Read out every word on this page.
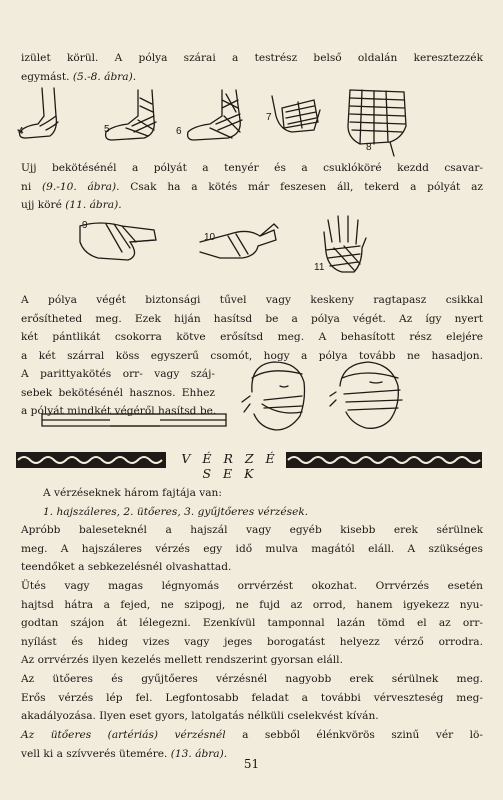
izület körül. A pólya szárai a testrész belső oldalán keresztezzék
egymást. (5.-8. ábra).

4	5	6
7
8

Ujj bekötésénél a pólyát a tenyér és a csuklóköré kezdd csavar-
ni (9.-10. ábra). Csak ha a kötés már feszesen áll, tekerd a pólyát az
ujj köré (11. ábra).

9
10
11

A pólya végét biztonsági tűvel vagy keskeny ragtapasz csikkal
erősítheted meg. Ezek hiján hasítsd be a pólya végét. Az így nyert
két pántlikát csokorra kötve erősítsd meg. A behasított rész elejére
a két szárral köss egyszerű csomót, hogy a pólya tovább ne hasadjon.

A parittyakötés orr- vagy száj-
sebek bekötésénél hasznos. Ehhez
a pólyát mindkét végéről hasítsd be.

V É R Z É S E K

A vérzéseknek három fajtája van:
1. hajszáleres, 2. ütőeres, 3. gyűjtőeres vérzések.

Apróbb baleseteknél a hajszál vagy egyéb kisebb erek sérülnek
meg. A hajszáleres vérzés egy idő mulva magától eláll. A szükséges
teendőket a sebkezelésnél olvashattad.

Ütés vagy magas légnyomás orrvérzést okozhat. Orrvérzés esetén
hajtsd hátra a fejed, ne szipogj, ne fujd az orrod, hanem igyekezz nyu-
godtan szájon át lélegezni. Ezenkívül tamponnal lazán tömd el az orr-
nyílást és hideg vizes vagy jeges borogatást helyezz vérző orrodra.
Az orrvérzés ilyen kezelés mellett rendszerint gyorsan eláll.

Az ütőeres és gyűjtőeres vérzésnél nagyobb erek sérülnek meg.
Erős vérzés lép fel. Legfontosabb feladat a további vérveszteség meg-
akadályozása. Ilyen eset gyors, latolgatás nélküli cselekvést kíván.

Az ütőeres (artériás) vérzésnél a sebből élénkvörös szinű vér lö-
vell ki a szívverés ütemére. (13. ábra).

51
